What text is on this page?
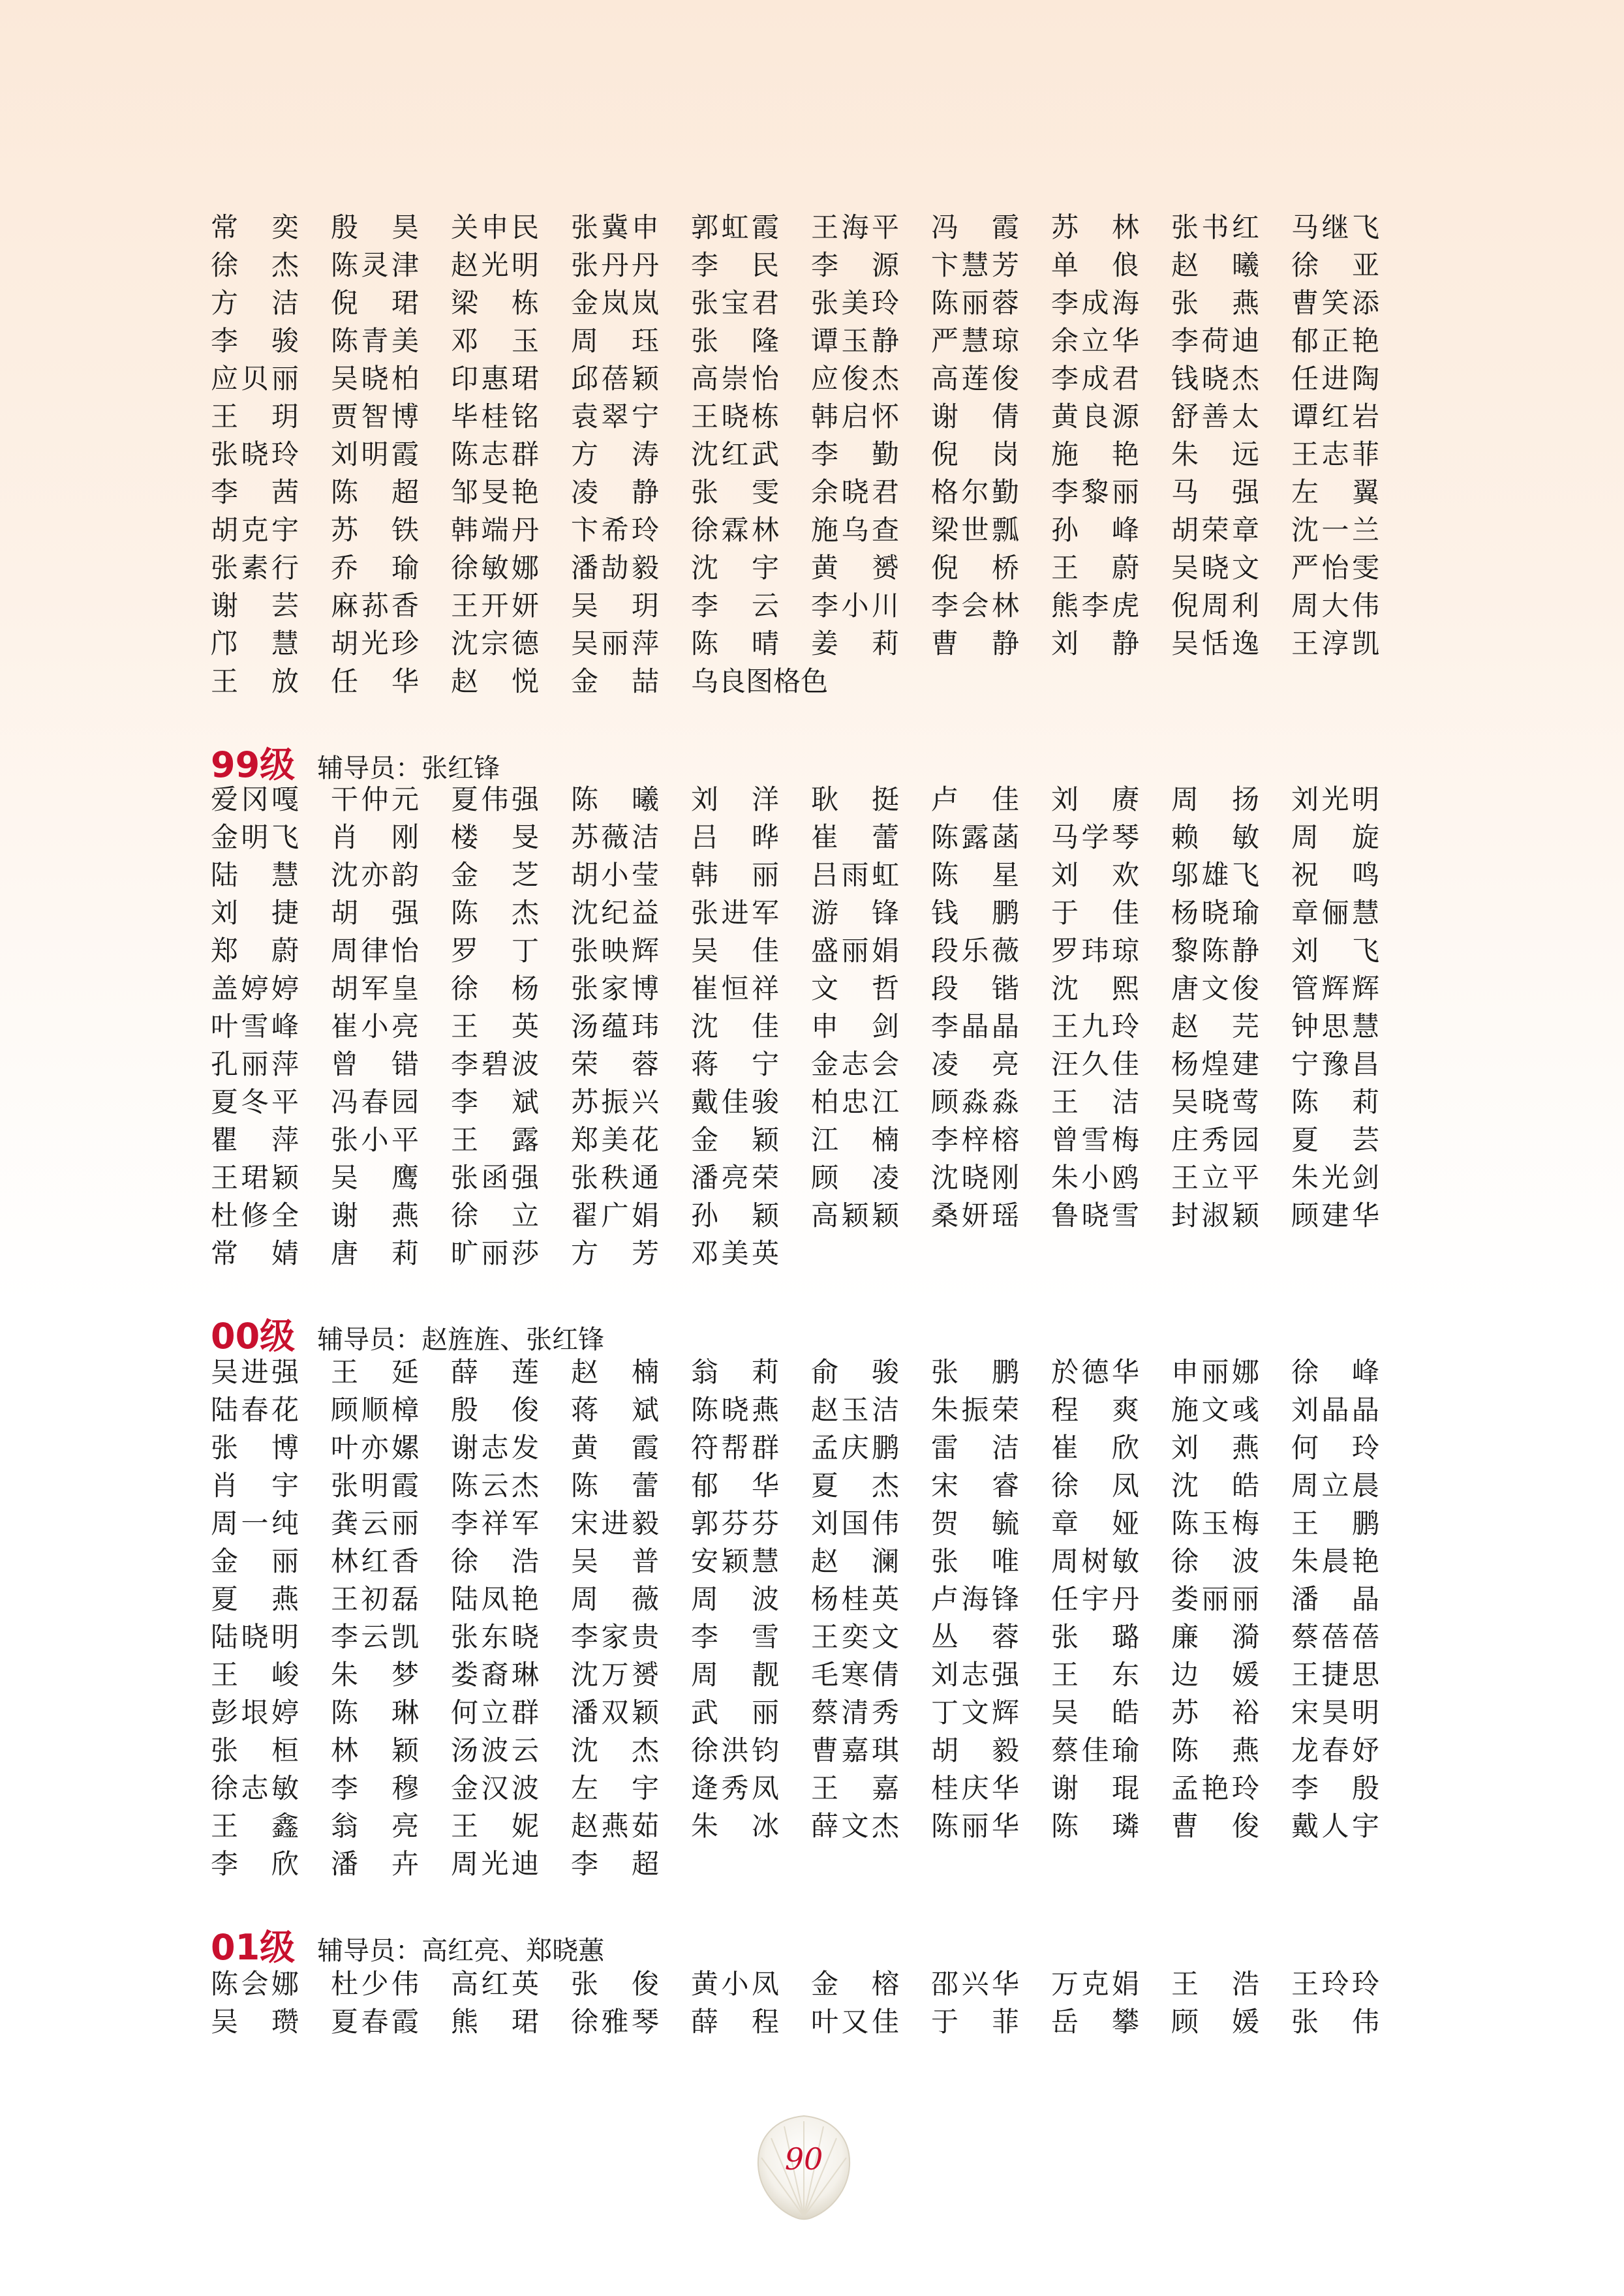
常 奕 殷 昊 关 申 民 张 冀 申 郭 虹 霞 王 海 平 冯 霞 苏 林 张 书 红 马 继 飞
徐 杰 陈 灵 津 赵 光 明 张 丹 丹 李 民 李 源 卞 慧 芳 单 俍 赵 曦 徐 亚
方 洁 倪 珺 梁 栋 金 岚 岚 张 宝 君 张 美 玲 陈 丽 蓉 李 成 海 张 燕 曹 笑 添
李 骏 陈 青 美 邓 玉 周 珏 张 隆 谭 玉 静 严 慧 琼 余 立 华 李 荷 迪 郁 正 艳
应 贝 丽 吴 晓 柏 印 惠 珺 邱 蓓 颖 高 崇 怡 应 俊 杰 高 莲 俊 李 成 君 钱 晓 杰 任 进 陶
王 玥 贾 智 博 毕 桂 铭 袁 翠 宁 王 晓 栋 韩 启 怀 谢 倩 黄 良 源 舒 善 太 谭 红 岩
张 晓 玲 刘 明 霞 陈 志 群 方 涛 沈 红 武 李 勤 倪 岗 施 艳 朱 远 王 志 菲
李 茜 陈 超 邹 旻 艳 凌 静 张 雯 余 晓 君 格 尔 勤 李 黎 丽 马 强 左 翼
胡 克 宇 苏 铁 韩 端 丹 卞 希 玲 徐 霖 林 施 乌 查 梁 世 瓢 孙 峰 胡 荣 章 沈 一 兰
张 素 行 乔 瑜 徐 敏 娜 潘 劼 毅 沈 宇 黄 赟 倪 桥 王 蔚 吴 晓 文 严 怡 雯
谢 芸 麻 荪 香 王 开 妍 吴 玥 李 云 李 小 川 李 会 林 熊 李 虎 倪 周 利 周 大 伟
邝 慧 胡 光 珍 沈 宗 德 吴 丽 萍 陈 晴 姜 莉 曹 静 刘 静 吴 恬 逸 王 淳 凯
王 放 任 华 赵 悦 金 喆 乌 良 图 格 色
99级 辅导员：张红锋
爱 冈 嘎 干 仲 元 夏 伟 强 陈 曦 刘 洋 耿 挺 卢 佳 刘 赓 周 扬 刘 光 明
金 明 飞 肖 刚 楼 旻 苏 薇 洁 吕 晔 崔 蕾 陈 露 菡 马 学 琴 赖 敏 周 旋
陆 慧 沈 亦 韵 金 芝 胡 小 莹 韩 丽 吕 雨 虹 陈 星 刘 欢 邬 雄 飞 祝 鸣
刘 捷 胡 强 陈 杰 沈 纪 益 张 进 军 游 锋 钱 鹏 于 佳 杨 晓 瑜 章 俪 慧
郑 蔚 周 律 怡 罗 丁 张 映 辉 吴 佳 盛 丽 娟 段 乐 薇 罗 玮 琼 黎 陈 静 刘 飞
盖 婷 婷 胡 军 皇 徐 杨 张 家 博 崔 恒 祥 文 哲 段 锴 沈 熙 唐 文 俊 管 辉 辉
叶 雪 峰 崔 小 亮 王 英 汤 蕴 玮 沈 佳 申 剑 李 晶 晶 王 九 玲 赵 芫 钟 思 慧
孔 丽 萍 曾 错 李 碧 波 荣 蓉 蒋 宁 金 志 会 凌 亮 汪 久 佳 杨 煌 建 宁 豫 昌
夏 冬 平 冯 春 园 李 斌 苏 振 兴 戴 佳 骏 柏 忠 江 顾 淼 淼 王 洁 吴 晓 莺 陈 莉
瞿 萍 张 小 平 王 露 郑 美 花 金 颖 江 楠 李 梓 榕 曾 雪 梅 庄 秀 园 夏 芸
王 珺 颖 吴 鹰 张 函 强 张 秩 通 潘 亮 荣 顾 凌 沈 晓 刚 朱 小 鸥 王 立 平 朱 光 剑
杜 修 全 谢 燕 徐 立 翟 广 娟 孙 颖 高 颖 颖 桑 妍 瑶 鲁 晓 雪 封 淑 颖 顾 建 华
常 婧 唐 莉 旷 丽 莎 方 芳 邓 美 英
00级 辅导员：赵旌旌、张红锋
吴 进 强 王 延 薛 莲 赵 楠 翁 莉 俞 骏 张 鹏 於 德 华 申 丽 娜 徐 峰
陆 春 花 顾 顺 樟 殷 俊 蒋 斌 陈 晓 燕 赵 玉 洁 朱 振 荣 程 爽 施 文 彧 刘 晶 晶
张 博 叶 亦 嫘 谢 志 发 黄 霞 符 帮 群 孟 庆 鹏 雷 洁 崔 欣 刘 燕 何 玲
肖 宇 张 明 霞 陈 云 杰 陈 蕾 郁 华 夏 杰 宋 睿 徐 凤 沈 皓 周 立 晨
周 一 纯 龚 云 丽 李 祥 军 宋 进 毅 郭 芬 芬 刘 国 伟 贺 毓 章 娅 陈 玉 梅 王 鹏
金 丽 林 红 香 徐 浩 吴 普 安 颖 慧 赵 澜 张 唯 周 树 敏 徐 波 朱 晨 艳
夏 燕 王 初 磊 陆 凤 艳 周 薇 周 波 杨 桂 英 卢 海 锋 任 宇 丹 娄 丽 丽 潘 晶
陆 晓 明 李 云 凯 张 东 晓 李 家 贵 李 雪 王 奕 文 丛 蓉 张 璐 廉 漪 蔡 蓓 蓓
王 峻 朱 梦 娄 裔 琳 沈 万 赟 周 靓 毛 寒 倩 刘 志 强 王 东 边 媛 王 捷 思
彭 垠 婷 陈 琳 何 立 群 潘 双 颖 武 丽 蔡 清 秀 丁 文 辉 吴 皓 苏 裕 宋 昊 明
张 桓 林 颖 汤 波 云 沈 杰 徐 洪 钧 曹 嘉 琪 胡 毅 蔡 佳 瑜 陈 燕 龙 春 妤
徐 志 敏 李 穆 金 汉 波 左 宇 逄 秀 凤 王 嘉 桂 庆 华 谢 琨 孟 艳 玲 李 殷
王 鑫 翁 亮 王 妮 赵 燕 茹 朱 冰 薛 文 杰 陈 丽 华 陈 璘 曹 俊 戴 人 宇
李 欣 潘 卉 周 光 迪 李 超
01级 辅导员：高红亮、郑晓蕙
陈 会 娜 杜 少 伟 高 红 英 张 俊 黄 小 凤 金 榕 邵 兴 华 万 克 娟 王 浩 王 玲 玲
吴 瓒 夏 春 霞 熊 珺 徐 雅 琴 薛 程 叶 又 佳 于 菲 岳 攀 顾 媛 张 伟
90
